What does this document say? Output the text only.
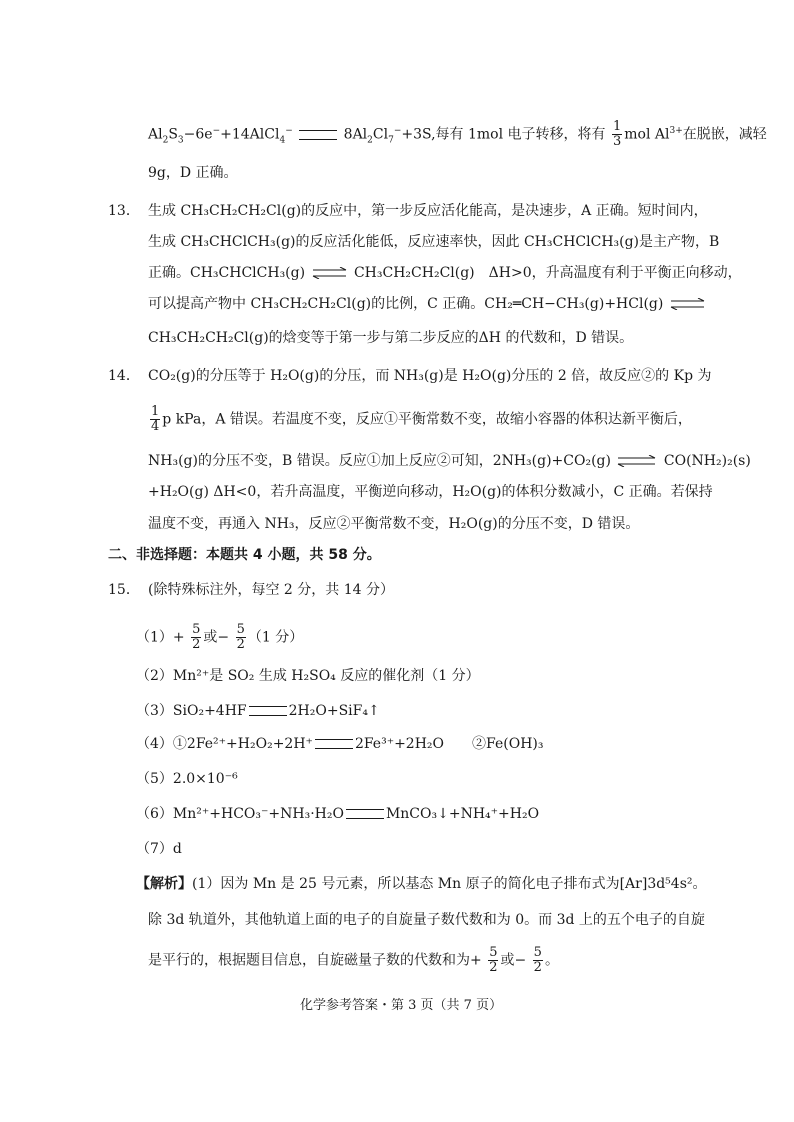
$Al_2S_3-6e^-+14AlCl_4^-$	$8Al_2Cl_7^-+3S$,每有 1mol 电子转移，将有 $\frac{1}{3}$ mol $Al^{3+}$在脱嵌，减轻
9g，D 正确。
13． 生成 CH₃CH₂CH₂Cl(g)的反应中，第一步反应活化能高，是决速步，A 正确。短时间内，
生成 CH₃CHClCH₃(g)的反应活化能低，反应速率快，因此 CH₃CHClCH₃(g)是主产物，B
正确。CH₃CHClCH₃(g) ⇌ CH₃CH₂CH₂Cl(g)　ΔH>0，升高温度有利于平衡正向移动，
可以提高产物中 CH₃CH₂CH₂Cl(g)的比例，C 正确。CH₂═CH−CH₃(g)+HCl(g) ⇌
CH₃CH₂CH₂Cl(g)的焓变等于第一步与第二步反应的ΔH 的代数和，D 错误。
14． CO₂(g)的分压等于 H₂O(g)的分压，而 NH₃(g)是 H₂O(g)分压的 2 倍，故反应②的 Kp 为
$\frac{1}{4}$ p kPa，A 错误。若温度不变，反应①平衡常数不变，故缩小容器的体积达新平衡后，
NH₃(g)的分压不变，B 错误。反应①加上反应②可知，2NH₃(g)+CO₂(g) ⇌ CO(NH₂)₂(s)
+H₂O(g) ΔH<0，若升高温度，平衡逆向移动，H₂O(g)的体积分数减小，C 正确。若保持
温度不变，再通入 NH₃，反应②平衡常数不变，H₂O(g)的分压不变，D 错误。
二、非选择题：本题共 4 小题，共 58 分。
15． (除特殊标注外，每空 2 分，共 14 分）
$(1)+ \frac{5}{2}$ 或− $\frac{5}{2} (1$ 分）
（2）Mn²⁺是 SO₂ 生成 H₂SO₄ 反应的催化剂（1 分）
（3）SiO₂+4HF	2H₂O+SiF₄↑
（4）①2Fe²⁺+H₂O₂+2H⁺	2Fe³⁺+2H₂O　　②Fe(OH)₃
（5）2.0×10⁻⁶
（6）Mn²⁺+HCO₃⁻+NH₃·H₂O	MnCO₃↓+NH₄⁺+H₂O
（7）d
【解析】(1）因为 Mn 是 25 号元素，所以基态 Mn 原子的简化电子排布式为[Ar]3d⁵4s²。
除 3d 轨道外，其他轨道上面的电子的自旋量子数代数和为 0。而 3d 上的五个电子的自旋
是平行的，根据题目信息，自旋磁量子数的代数和为+ $\frac{5}{2}$ 或− $\frac{5}{2}$ 。
化学参考答案・第 3 页（共 7 页）
